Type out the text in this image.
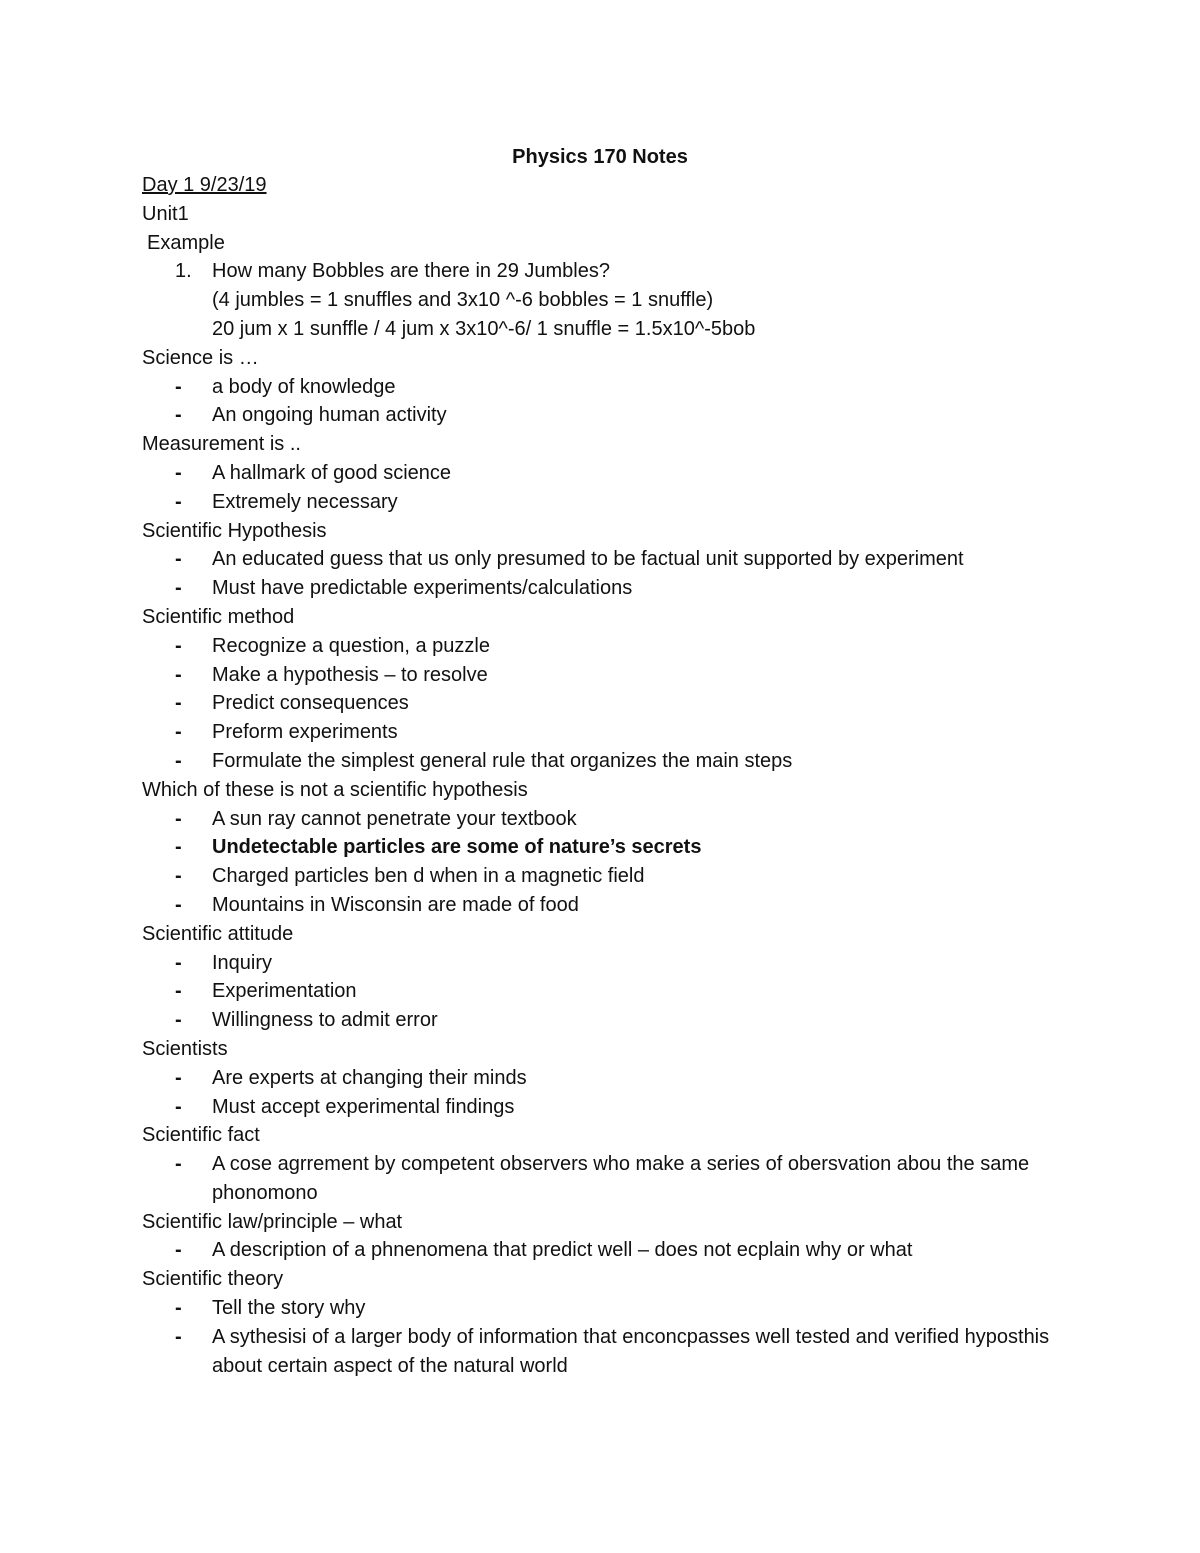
Physics 170 Notes
Day 1 9/23/19
Unit1
Example
1. How many Bobbles are there in 29 Jumbles?
(4 jumbles = 1 snuffles and 3x10 ^-6 bobbles = 1 snuffle)
20 jum x 1 sunffle / 4 jum x 3x10^-6/ 1 snuffle = 1.5x10^-5bob
Science is …
- a body of knowledge
- An ongoing human activity
Measurement is ..
- A hallmark of good science
- Extremely necessary
Scientific Hypothesis
- An educated guess that us only presumed to be factual unit supported by experiment
- Must have predictable experiments/calculations
Scientific method
- Recognize a question, a puzzle
- Make a hypothesis – to resolve
- Predict consequences
- Preform experiments
- Formulate the simplest general rule that organizes the main steps
Which of these is not a scientific hypothesis
- A sun ray cannot penetrate your textbook
- Undetectable particles are some of nature’s secrets
- Charged particles ben d when in a magnetic field
- Mountains in Wisconsin are made of food
Scientific attitude
- Inquiry
- Experimentation
- Willingness to admit error
Scientists
- Are experts at changing their minds
- Must accept experimental findings
Scientific fact
- A cose agrrement by competent observers who make a series of obersvation abou the same phonomono
Scientific law/principle – what
- A description of a phnenomena that predict well – does not ecplain why or what
Scientific theory
- Tell the story why
- A sythesisi of a larger body of information that enconcpasses well tested and verified hyposthis about certain aspect of the natural world
